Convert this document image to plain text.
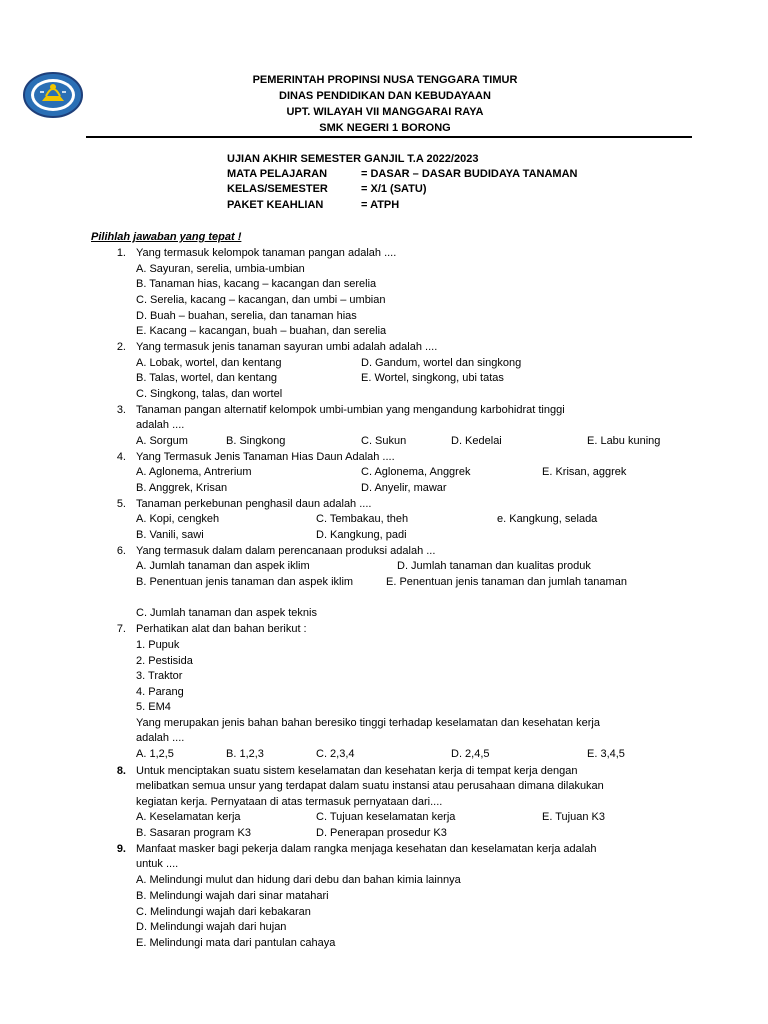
PEMERINTAH PROPINSI NUSA TENGGARA TIMUR
DINAS PENDIDIKAN DAN KEBUDAYAAN
UPT. WILAYAH VII MANGGARAI RAYA
SMK NEGERI 1 BORONG
UJIAN AKHIR SEMESTER GANJIL T.A 2022/2023
MATA PELAJARAN	= DASAR – DASAR BUDIDAYA TANAMAN
KELAS/SEMESTER	= X/1 (SATU)
PAKET KEAHLIAN	= ATPH
Pilihlah jawaban yang tepat !
1. Yang termasuk kelompok tanaman pangan adalah ....
A. Sayuran, serelia, umbia-umbian
B. Tanaman hias, kacang – kacangan dan serelia
C. Serelia, kacang – kacangan, dan umbi – umbian
D. Buah – buahan, serelia, dan tanaman hias
E. Kacang – kacangan, buah – buahan, dan serelia
2. Yang termasuk jenis tanaman sayuran umbi adalah adalah ....
A. Lobak, wortel, dan kentang	D. Gandum, wortel dan singkong
B. Talas, wortel, dan kentang	E. Wortel, singkong, ubi tatas
C. Singkong, talas, dan wortel
3. Tanaman pangan alternatif kelompok umbi-umbian yang mengandung karbohidrat tinggi
adalah ....
A. Sorgum	B. Singkong	C. Sukun	D. Kedelai	E. Labu kuning
4. Yang Termasuk Jenis Tanaman Hias Daun Adalah ....
A. Aglonema, Antrerium	C. Aglonema, Anggrek	E. Krisan, aggrek
B. Anggrek, Krisan	D. Anyelir, mawar
5. Tanaman perkebunan penghasil daun adalah ....
A. Kopi, cengkeh	C. Tembakau, theh	e. Kangkung, selada
B. Vanili, sawi	D. Kangkung, padi
6. Yang termasuk dalam dalam perencanaan produksi adalah ...
A. Jumlah tanaman dan aspek iklim	D. Jumlah tanaman dan kualitas produk
B. Penentuan jenis tanaman dan aspek iklim	E. Penentuan jenis tanaman dan jumlah tanaman
C. Jumlah tanaman dan aspek teknis
7. Perhatikan alat dan bahan berikut :
1. Pupuk
2. Pestisida
3. Traktor
4. Parang
5. EM4
Yang merupakan jenis bahan bahan beresiko tinggi terhadap keselamatan dan kesehatan kerja
adalah ....
A. 1,2,5	B. 1,2,3	C. 2,3,4	D. 2,4,5	E. 3,4,5
8. Untuk menciptakan suatu sistem keselamatan dan kesehatan kerja di tempat kerja dengan
melibatkan semua unsur yang terdapat dalam suatu instansi atau perusahaan dimana dilakukan
kegiatan kerja. Pernyataan di atas termasuk pernyataan dari....
A. Keselamatan kerja	C. Tujuan keselamatan kerja	E. Tujuan K3
B. Sasaran program K3	D. Penerapan prosedur K3
9. Manfaat masker bagi pekerja dalam rangka menjaga kesehatan dan keselamatan kerja adalah
untuk ....
A. Melindungi mulut dan hidung dari debu dan bahan kimia lainnya
B. Melindungi wajah dari sinar matahari
C. Melindungi wajah dari kebakaran
D. Melindungi wajah dari hujan
E. Melindungi mata dari pantulan cahaya
